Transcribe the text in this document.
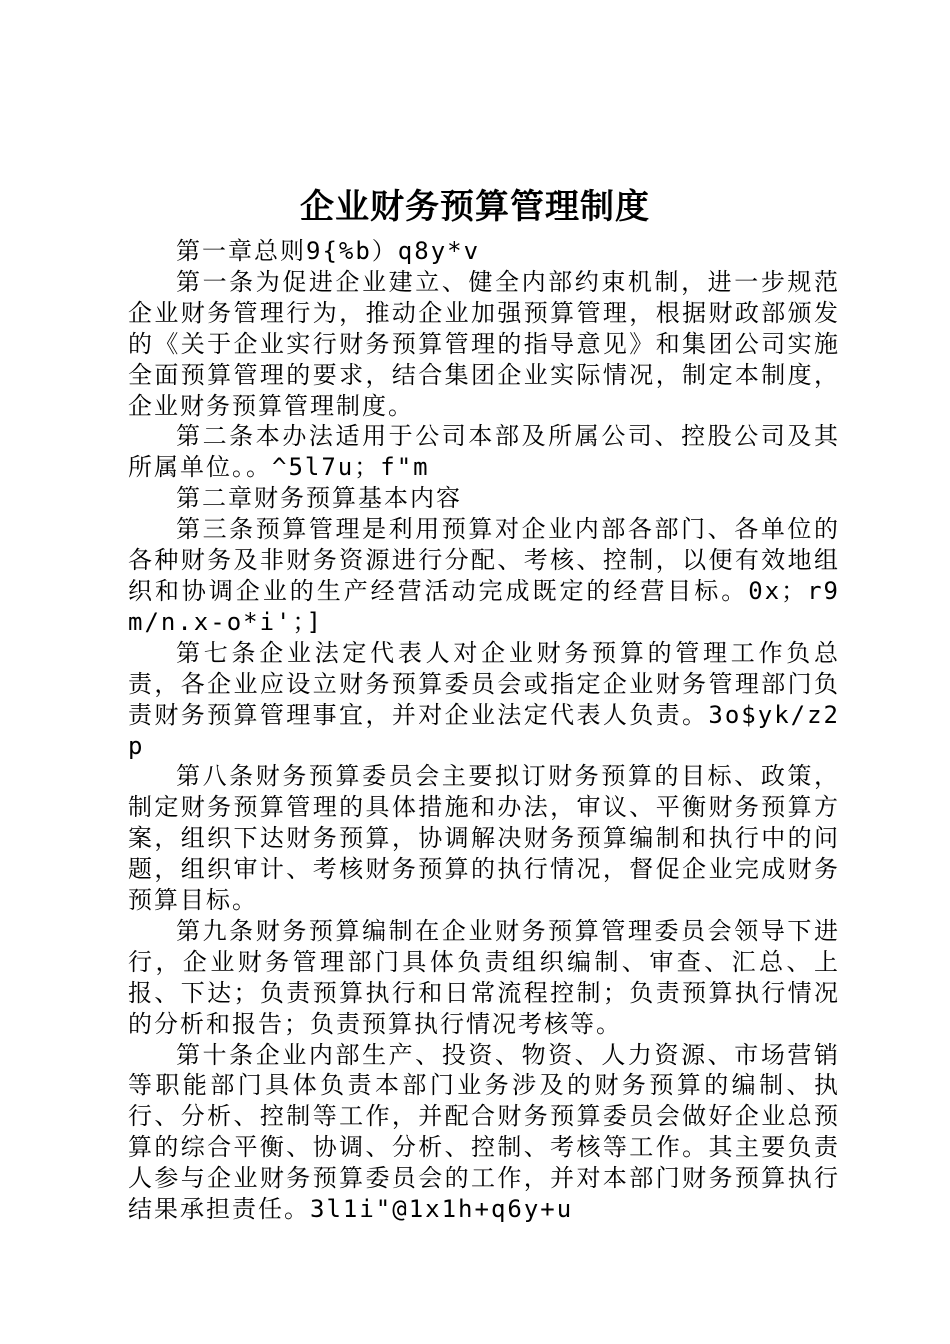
企业财务预算管理制度

第一章总则9{%b）q8y*v

第一条为促进企业建立、健全内部约束机制，进一步规范企业财务管理行为，推动企业加强预算管理，根据财政部颁发的《关于企业实行财务预算管理的指导意见》和集团公司实施全面预算管理的要求，结合集团企业实际情况，制定本制度，企业财务预算管理制度。

第二条本办法适用于公司本部及所属公司、控股公司及其所属单位。。^5l7u；f"m

第二章财务预算基本内容

第三条预算管理是利用预算对企业内部各部门、各单位的各种财务及非财务资源进行分配、考核、控制，以便有效地组织和协调企业的生产经营活动完成既定的经营目标。0x；r9m/n.x-o*i'；]

第七条企业法定代表人对企业财务预算的管理工作负总责，各企业应设立财务预算委员会或指定企业财务管理部门负责财务预算管理事宜，并对企业法定代表人负责。3o$yk/z2p

第八条财务预算委员会主要拟订财务预算的目标、政策，制定财务预算管理的具体措施和办法，审议、平衡财务预算方案，组织下达财务预算，协调解决财务预算编制和执行中的问题，组织审计、考核财务预算的执行情况，督促企业完成财务预算目标。

第九条财务预算编制在企业财务预算管理委员会领导下进行，企业财务管理部门具体负责组织编制、审查、汇总、上报、下达；负责预算执行和日常流程控制；负责预算执行情况的分析和报告；负责预算执行情况考核等。

第十条企业内部生产、投资、物资、人力资源、市场营销等职能部门具体负责本部门业务涉及的财务预算的编制、执行、分析、控制等工作，并配合财务预算委员会做好企业总预算的综合平衡、协调、分析、控制、考核等工作。其主要负责人参与企业财务预算委员会的工作，并对本部门财务预算执行结果承担责任。3l1i"@1x1h+q6y+u
